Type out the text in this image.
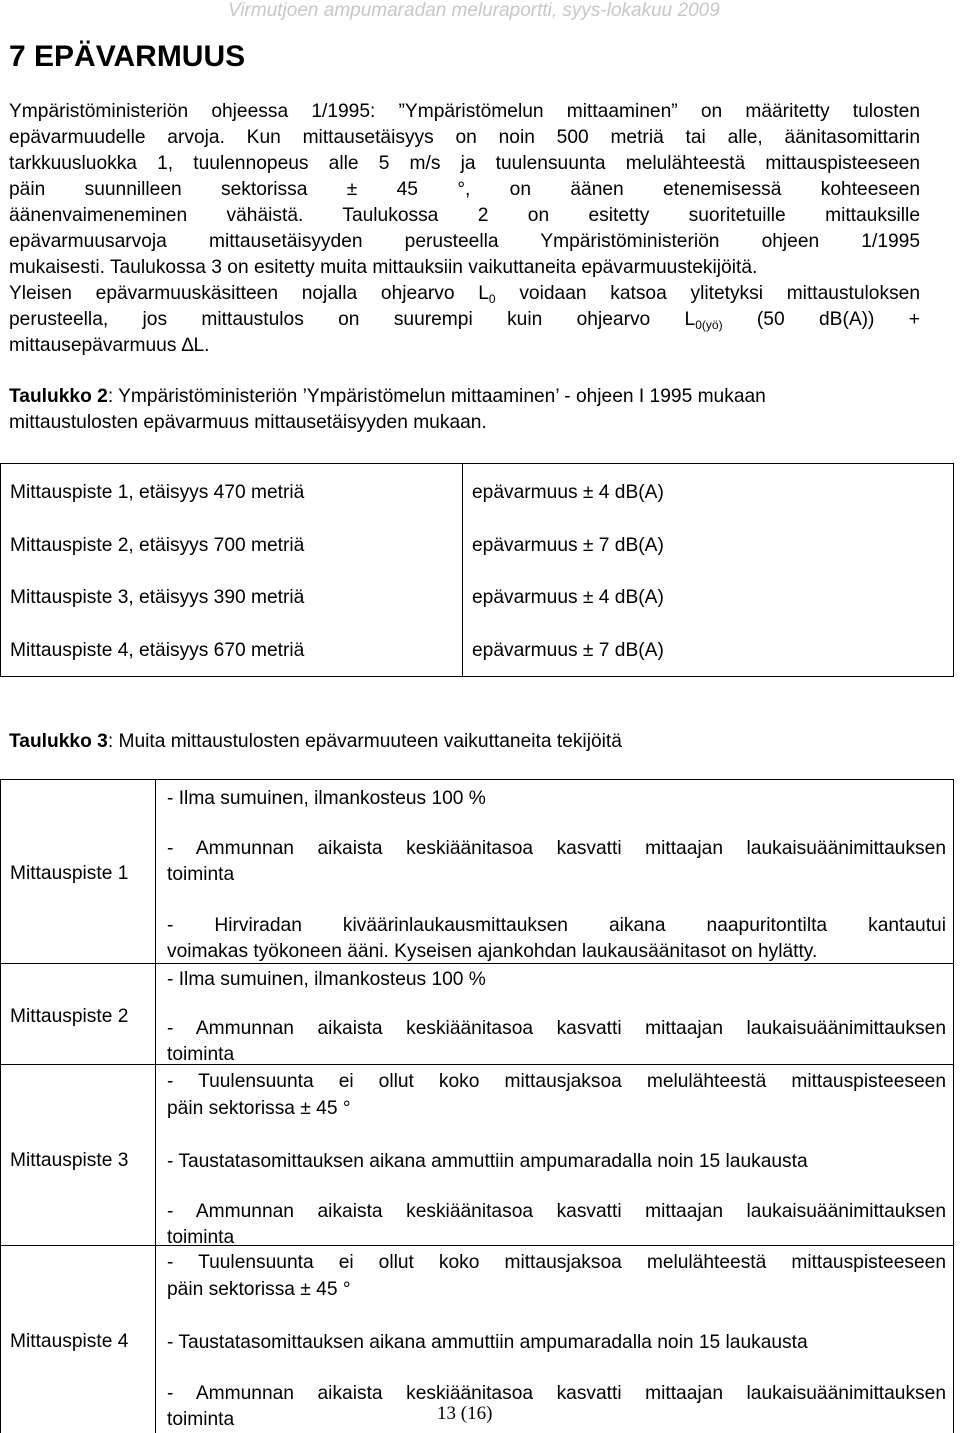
Virmutjoen ampumaradan meluraportti, syys-lokakuu 2009
7 EPÄVARMUUS
Ympäristöministeriön ohjeessa 1/1995: ”Ympäristömelun mittaaminen” on määritetty tulosten
epävarmuudelle arvoja. Kun mittausetäisyys on noin 500 metriä tai alle, äänitasomittarin
tarkkuusluokka 1, tuulennopeus alle 5 m/s ja tuulensuunta melulähteestä mittauspisteeseen
päin suunnilleen sektorissa ± 45 °, on äänen etenemisessä kohteeseen
äänenvaimeneminen vähäistä. Taulukossa 2 on esitetty suoritetuille mittauksille
epävarmuusarvoja mittausetäisyyden perusteella Ympäristöministeriön ohjeen 1/1995
mukaisesti. Taulukossa 3 on esitetty muita mittauksiin vaikuttaneita epävarmuustekijöitä.
Yleisen epävarmuuskäsitteen nojalla ohjearvo $L_0$ voidaan katsoa ylitetyksi mittaustuloksen
perusteella, jos mittaustulos on suurempi kuin ohjearvo $L_{0(yö)}$ (50 dB(A)) +
mittausepävarmuus ∆L.
Taulukko 2: Ympäristöministeriön ’Ympäristömelun mittaaminen’ - ohjeen I 1995 mukaan
mittaustulosten epävarmuus mittausetäisyyden mukaan.
Mittauspiste 1, etäisyys 470 metriä	epävarmuus ± 4 dB(A)
Mittauspiste 2, etäisyys 700 metriä	epävarmuus ± 7 dB(A)
Mittauspiste 3, etäisyys 390 metriä	epävarmuus ± 4 dB(A)
Mittauspiste 4, etäisyys 670 metriä	epävarmuus ± 7 dB(A)
Taulukko 3: Muita mittaustulosten epävarmuuteen vaikuttaneita tekijöitä
Mittauspiste 1
- Ilma sumuinen, ilmankosteus 100 %
- Ammunnan aikaista keskiäänitasoa kasvatti mittaajan laukaisuäänimittauksen
toiminta
- Hirviradan kiväärinlaukausmittauksen aikana naapuritontilta kantautui
voimakas työkoneen ääni. Kyseisen ajankohdan laukausäänitasot on hylätty.
Mittauspiste 2
- Ilma sumuinen, ilmankosteus 100 %
- Ammunnan aikaista keskiäänitasoa kasvatti mittaajan laukaisuäänimittauksen
toiminta
Mittauspiste 3
- Tuulensuunta ei ollut koko mittausjaksoa melulähteestä mittauspisteeseen
päin sektorissa ± 45 °
- Taustatasomittauksen aikana ammuttiin ampumaradalla noin 15 laukausta
- Ammunnan aikaista keskiäänitasoa kasvatti mittaajan laukaisuäänimittauksen
toiminta
Mittauspiste 4
- Tuulensuunta ei ollut koko mittausjaksoa melulähteestä mittauspisteeseen
päin sektorissa ± 45 °
- Taustatasomittauksen aikana ammuttiin ampumaradalla noin 15 laukausta
- Ammunnan aikaista keskiäänitasoa kasvatti mittaajan laukaisuäänimittauksen
toiminta	13 (16)
